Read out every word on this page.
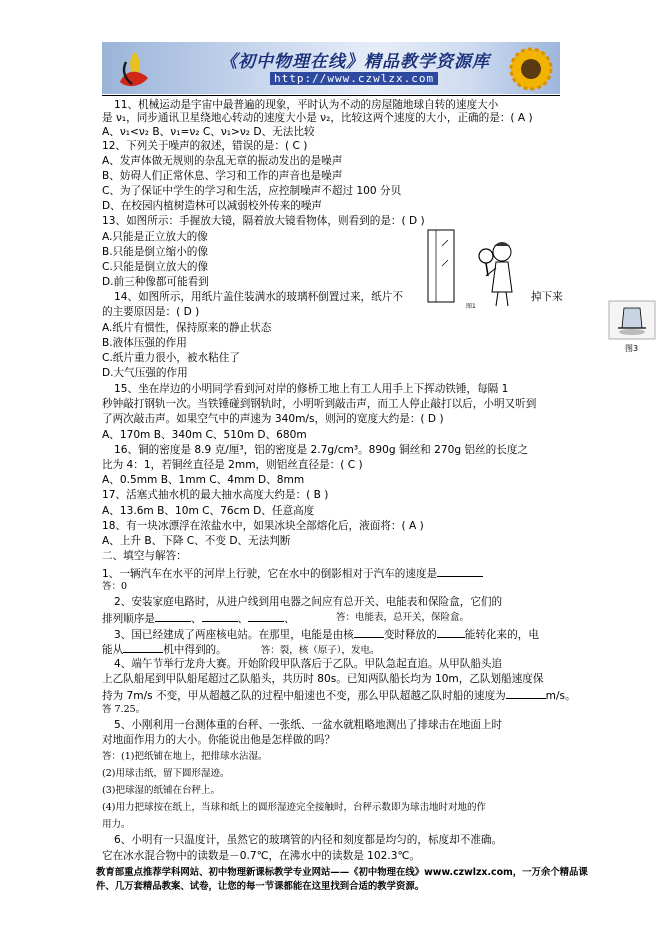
《初中物理在线》精品教学资源库
http://www.czwlzx.com
11、机械运动是宇宙中最普遍的现象，平时认为不动的房屋随地球自转的速度大小
是 ν₁，同步通讯卫星绕地心转动的速度大小是 ν₂，比较这两个速度的大小，正确的是：( A )
A、ν₁<ν₂ B、ν₁=ν₂ C、ν₁>ν₂ D、无法比较
12、下列关于噪声的叙述，错误的是：( C )
A、发声体做无规则的杂乱无章的振动发出的是噪声
B、妨碍人们正常休息、学习和工作的声音也是噪声
C、为了保证中学生的学习和生活，应控制噪声不超过 100 分贝
D、在校园内植树造林可以减弱校外传来的噪声
13、如图所示：手握放大镜，隔着放大镜看物体，则看到的是：( D )
A.只能是正立放大的像
B.只能是倒立缩小的像
C.只能是倒立放大的像
D.前三种像都可能看到
14、如图所示，用纸片盖住装满水的玻璃杯倒置过来，纸片不	掉下来
的主要原因是：( D )
A.纸片有惯性，保持原来的静止状态
B.液体压强的作用
C.纸片重力很小，被水粘住了
D.大气压强的作用
15、坐在岸边的小明同学看到河对岸的修桥工地上有工人用手上下挥动铁锤，每隔 1
秒钟敲打钢轨一次。当铁锤碰到钢轨时，小明听到敲击声，而工人停止敲打以后，小明又听到
了两次敲击声。如果空气中的声速为 340m/s，则河的宽度大约是：( D )
A、170m B、340m C、510m D、680m
16、铜的密度是 8.9 克/厘³，铝的密度是 2.7g/cm³。890g 铜丝和 270g 铝丝的长度之
比为 4：1，若铜丝直径是 2mm，则铝丝直径是：( C )
A、0.5mm B、1mm C、4mm D、8mm
17、活塞式抽水机的最大抽水高度大约是：( B )
A、13.6m B、10m C、76cm D、任意高度
18、有一块冰漂浮在浓盐水中，如果冰块全部熔化后，液面将：( A )
A、上升 B、下降 C、不变 D、无法判断
二、填空与解答：
1、一辆汽车在水平的河岸上行驶，它在水中的倒影相对于汽车的速度是
答：0
2、安装家庭电路时，从进户线到用电器之间应有总开关、电能表和保险盒，它们的
排列顺序是	、	、	、	答：电能表，总开关，保险盒。
3、国已经建成了两座核电站。在那里，电能是由核	变时释放的	能转化来的，电
能从	机中得到的。	答：裂，核（原子），发电。
4、端午节举行龙舟大赛。开始阶段甲队落后于乙队。甲队急起直追。从甲队船头追
上乙队船尾到甲队船尾超过乙队船头，共历时 80s。已知两队船长均为 10m，乙队划船速度保
持为 7m/s 不变，甲从超越乙队的过程中船速也不变，那么甲队超越乙队时船的速度为	m/s。
答 7.25。
5、小刚利用一台测体重的台秤、一张纸、一盆水就粗略地测出了排球击在地面上时
对地面作用力的大小。你能说出他是怎样做的吗？
答：(1)把纸铺在地上，把排球水沾湿。
(2)用球击纸，留下圆形湿迹。
(3)把球湿的纸铺在台秤上。
(4)用力把球按在纸上，当球和纸上的圆形湿迹完全接触时，台秤示数即为球击地时对地的作
用力。
6、小明有一只温度计，虽然它的玻璃管的内径和刻度都是均匀的，标度却不准确。
它在冰水混合物中的读数是－0.7℃，在沸水中的读数是 102.3℃。
教育部重点推荐学科网站、初中物理新课标教学专业网站——《初中物理在线》www.czwlzx.com，一万余个精品课
件、几万套精品教案、试卷，让您的每一节课都能在这里找到合适的教学资源。
图1
图3
